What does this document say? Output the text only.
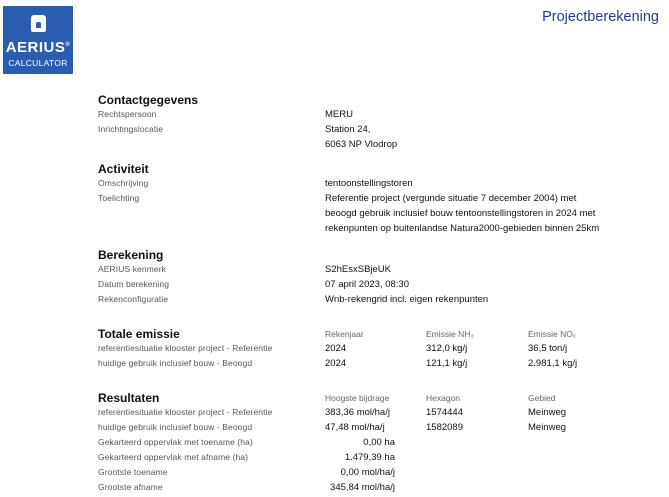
AERIUS®
CALCULATOR
Projectberekening
Contactgegevens
Rechtspersoon	MERU
Inrichtingslocatie	Station 24,
6063 NP Vlodrop
Activiteit
Omschrijving	tentoonstellingstoren
Toelichting	Referentie project (vergunde situatie 7 december 2004) met
beoogd gebruik inclusief bouw tentoonstellingstoren in 2024 met
rekenpunten op buitenlandse Natura2000-gebieden binnen 25km
Berekening
AERIUS kenmerk	S2hEsxSBjeUK
Datum berekening	07 april 2023, 08:30
Rekenconfiguratie	Wnb-rekengrid incl. eigen rekenpunten
Totale emissie	Rekenjaar	Emissie NH₃	Emissie NOₓ
referentiesituatie klooster project - Referentie	2024	312,0 kg/j	36,5 ton/j
huidige gebruik inclusief bouw - Beoogd	2024	121,1 kg/j	2.981,1 kg/j
Resultaten	Hoogste bijdrage	Hexagon	Gebied
referentiesituatie klooster project - Referentie	383,36 mol/ha/j	1574444	Meinweg
huidige gebruik inclusief bouw - Beoogd	47,48 mol/ha/j	1582089	Meinweg
Gekarteerd oppervlak met toename (ha)	0,00 ha
Gekarteerd oppervlak met afname (ha)	1.479,39 ha
Grootste toename	0,00 mol/ha/j
Grootste afname	345,84 mol/ha/j
